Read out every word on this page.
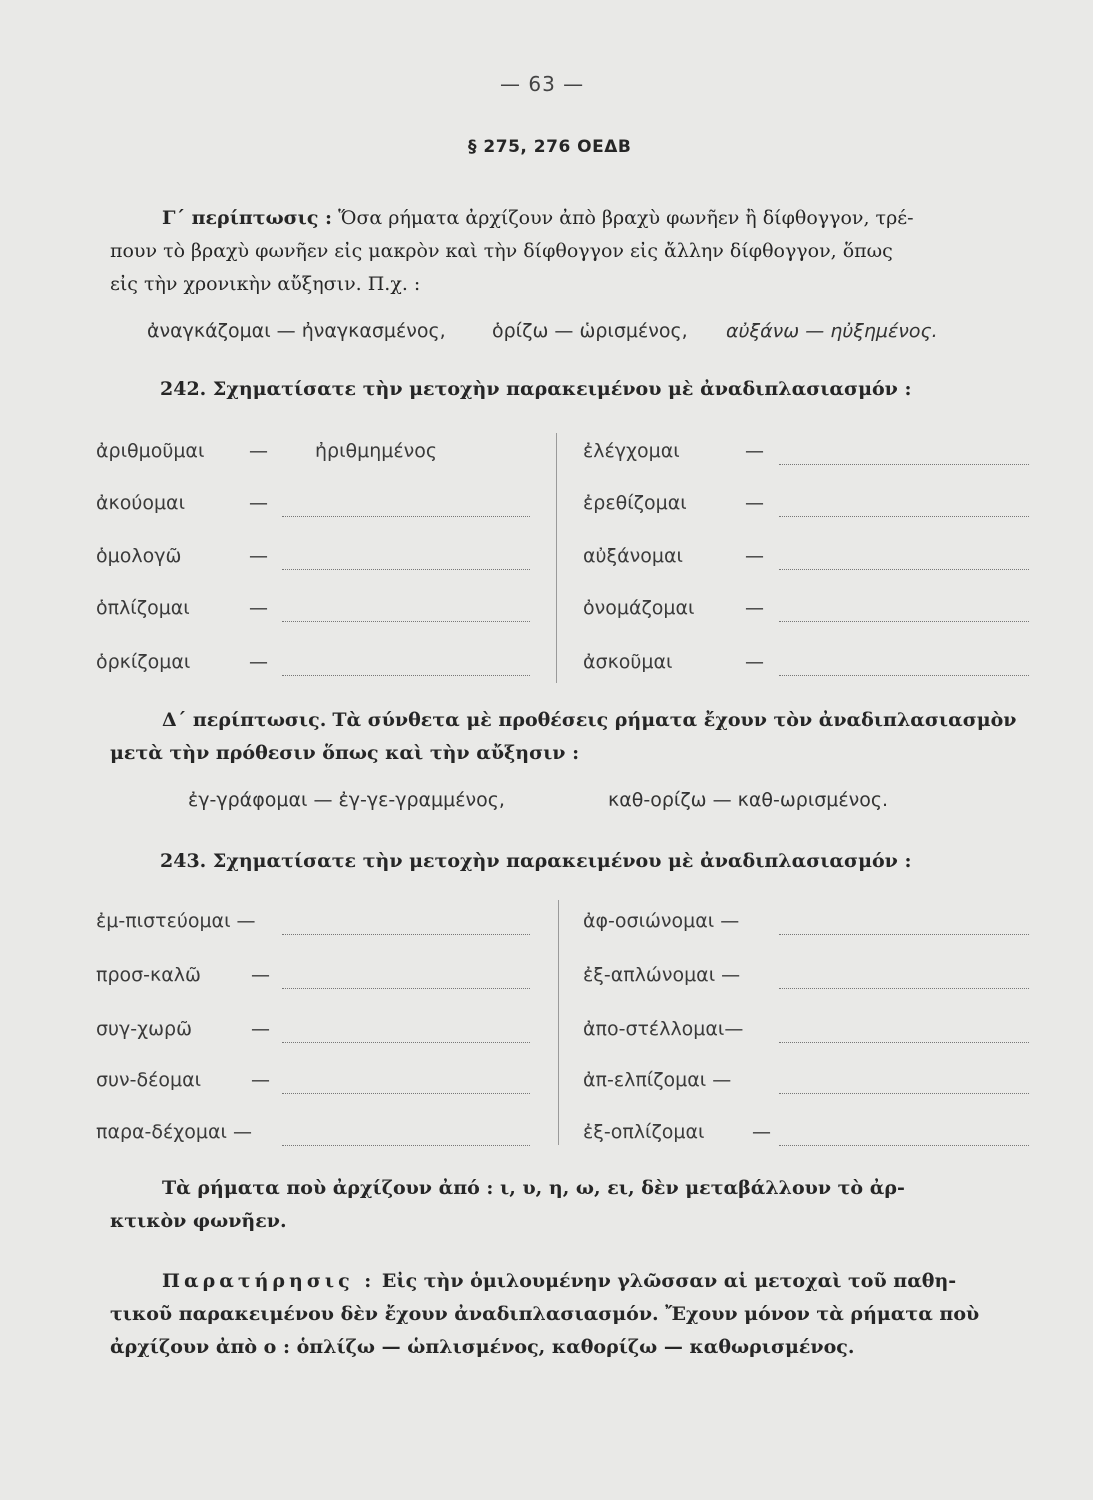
— 63 —
§ 275, 276 ΟΕΔΒ
Γ΄ περίπτωσις : Ὅσα ρήματα ἀρχίζουν ἀπὸ βραχὺ φωνῆεν ἢ δίφθογγον, τρέ-
πουν τὸ βραχὺ φωνῆεν εἰς μακρὸν καὶ τὴν δίφθογγον εἰς ἄλλην δίφθογγον, ὅπως
εἰς τὴν χρονικὴν αὔξησιν. Π.χ. :
ἀναγκάζομαι — ἠναγκασμένος, ὁρίζω — ὡρισμένος, αὐξάνω — ηὐξημένος.
242. Σχηματίσατε τὴν μετοχὴν παρακειμένου μὲ ἀναδιπλασιασμόν :
ἀριθμοῦμαι — ἠριθμημένος
ἀκούομαι	—
ὁμολογῶ	—
ὁπλίζομαι	—
ὁρκίζομαι	—
ἐλέγχομαι	—
ἐρεθίζομαι	—
αὐξάνομαι	—
ὀνομάζομαι	—
ἀσκοῦμαι	—
Δ΄ περίπτωσις. Τὰ σύνθετα μὲ προθέσεις ρήματα ἔχουν τὸν ἀναδιπλασιασμὸν
μετὰ τὴν πρόθεσιν ὅπως καὶ τὴν αὔξησιν :
ἐγ-γράφομαι — ἐγ-γε-γραμμένος,	καθ-ορίζω — καθ-ωρισμένος.
243. Σχηματίσατε τὴν μετοχὴν παρακειμένου μὲ ἀναδιπλασιασμόν :
ἐμ-πιστεύομαι —
προσ-καλῶ	—
συγ-χωρῶ	—
συν-δέομαι	—
παρα-δέχομαι —
ἀφ-οσιώνομαι —
ἐξ-απλώνομαι —
ἀπο-στέλλομαι—
ἀπ-ελπίζομαι —
ἐξ-οπλίζομαι	—
Τὰ ρήματα ποὺ ἀρχίζουν ἀπό : ι, υ, η, ω, ει, δὲν μεταβάλλουν τὸ ἀρ-
κτικὸν φωνῆεν.
Παρατήρησις : Εἰς τὴν ὁμιλουμένην γλῶσσαν αἱ μετοχαὶ τοῦ παθη-
τικοῦ παρακειμένου δὲν ἔχουν ἀναδιπλασιασμόν. Ἔχουν μόνον τὰ ρήματα ποὺ
ἀρχίζουν ἀπὸ ο : ὁπλίζω — ὡπλισμένος, καθορίζω — καθωρισμένος.
